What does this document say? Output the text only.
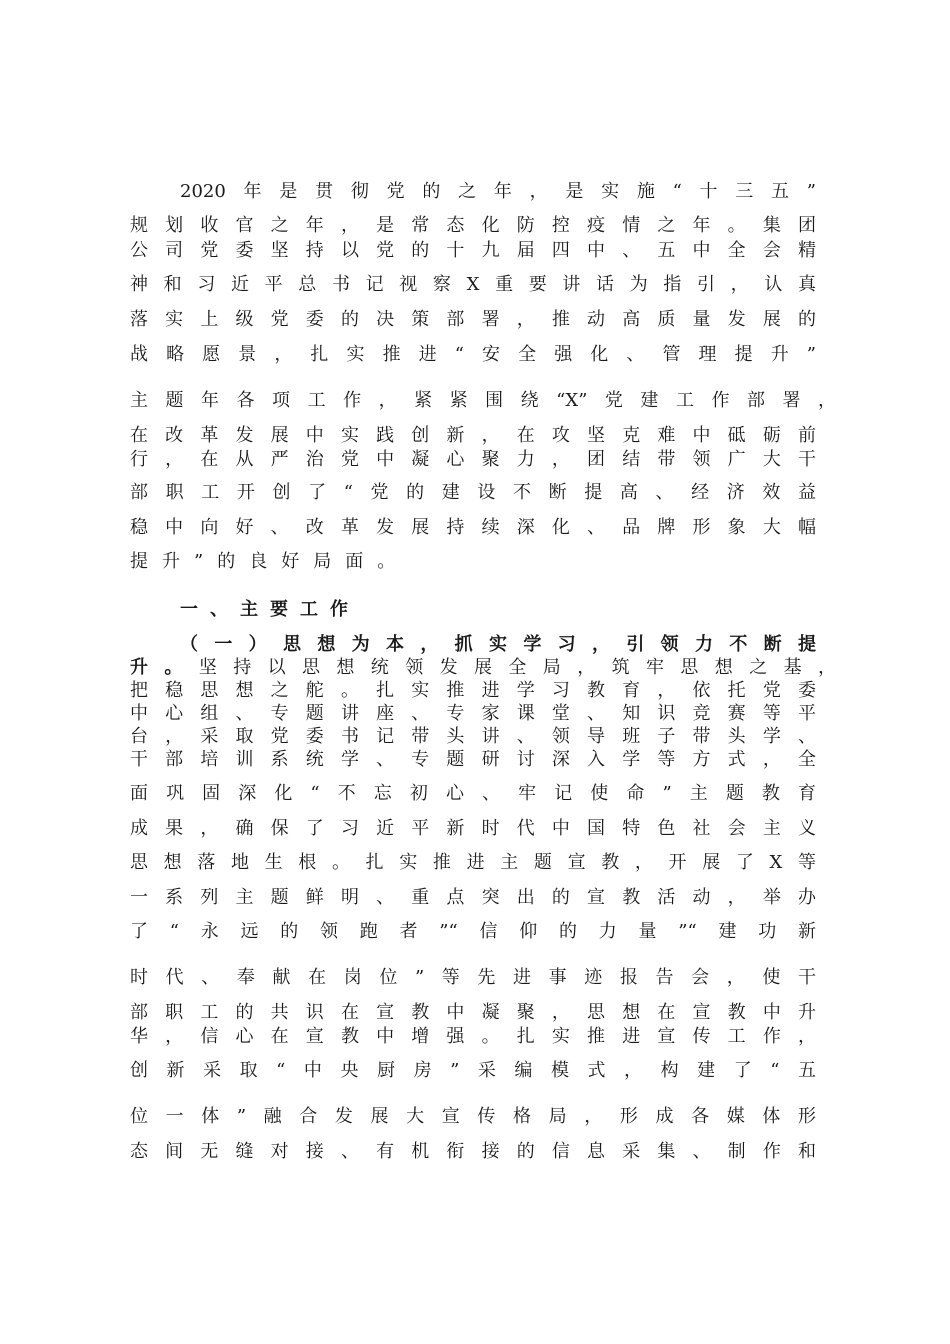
2020年是贯彻党的之年，是实施“十三五”
规划收官之年，是常态化防控疫情之年。集团
公司党委坚持以党的十九届四中、五中全会精
神和习近平总书记视察X重要讲话为指引，认真
落实上级党委的决策部署，推动高质量发展的
战略愿景，扎实推进“安全强化、管理提升”
主题年各项工作，紧紧围绕“X”党建工作部署，
在改革发展中实践创新，在攻坚克难中砥砺前
行，在从严治党中凝心聚力，团结带领广大干
部职工开创了“党的建设不断提高、经济效益
稳中向好、改革发展持续深化、品牌形象大幅
提升”的良好局面。
一、主要工作
（一）思想为本，抓实学习，引领力不断提
升。坚持以思想统领发展全局，筑牢思想之基，
把稳思想之舵。扎实推进学习教育，依托党委
中心组、专题讲座、专家课堂、知识竞赛等平
台，采取党委书记带头讲、领导班子带头学、
干部培训系统学、专题研讨深入学等方式，全
面巩固深化“不忘初心、牢记使命”主题教育
成果，确保了习近平新时代中国特色社会主义
思想落地生根。扎实推进主题宣教，开展了X等
一系列主题鲜明、重点突出的宣教活动，举办
了“永远的领跑者”“信仰的力量”“建功新
时代、奉献在岗位”等先进事迹报告会，使干
部职工的共识在宣教中凝聚，思想在宣教中升
华，信心在宣教中增强。扎实推进宣传工作，
创新采取“中央厨房”采编模式，构建了“五
位一体”融合发展大宣传格局，形成各媒体形
态间无缝对接、有机衔接的信息采集、制作和
